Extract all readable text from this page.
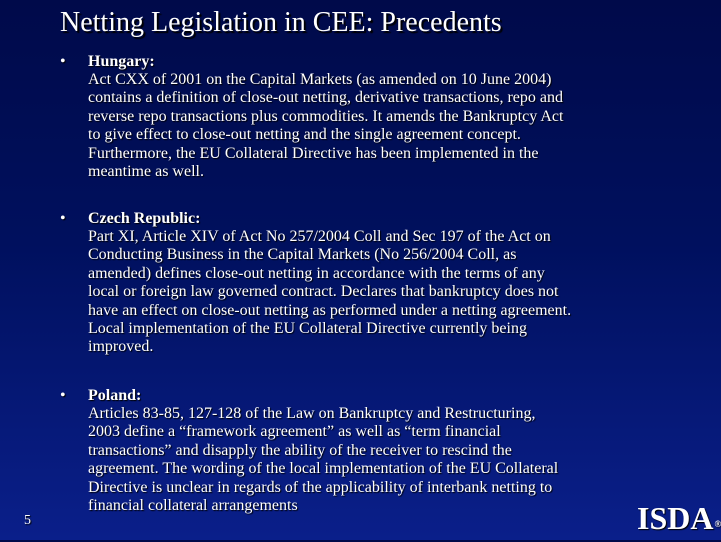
Netting Legislation in CEE: Precedents
•	Hungary:
Act CXX of 2001 on the Capital Markets (as amended on 10 June 2004)
contains a definition of close-out netting, derivative transactions, repo and
reverse repo transactions plus commodities. It amends the Bankruptcy Act
to give effect to close-out netting and the single agreement concept.
Furthermore, the EU Collateral Directive has been implemented in the
meantime as well.
•	Czech Republic:
Part XI, Article XIV of Act No 257/2004 Coll and Sec 197 of the Act on
Conducting Business in the Capital Markets (No 256/2004 Coll, as
amended) defines close-out netting in accordance with the terms of any
local or foreign law governed contract. Declares that bankruptcy does not
have an effect on close-out netting as performed under a netting agreement.
Local implementation of the EU Collateral Directive currently being
improved.
•	Poland:
Articles 83-85, 127-128 of the Law on Bankruptcy and Restructuring,
2003 define a “framework agreement” as well as “term financial
transactions” and disapply the ability of the receiver to rescind the
agreement. The wording of the local implementation of the EU Collateral
Directive is unclear in regards of the applicability of interbank netting to
financial collateral arrangements
5	ISDA®
